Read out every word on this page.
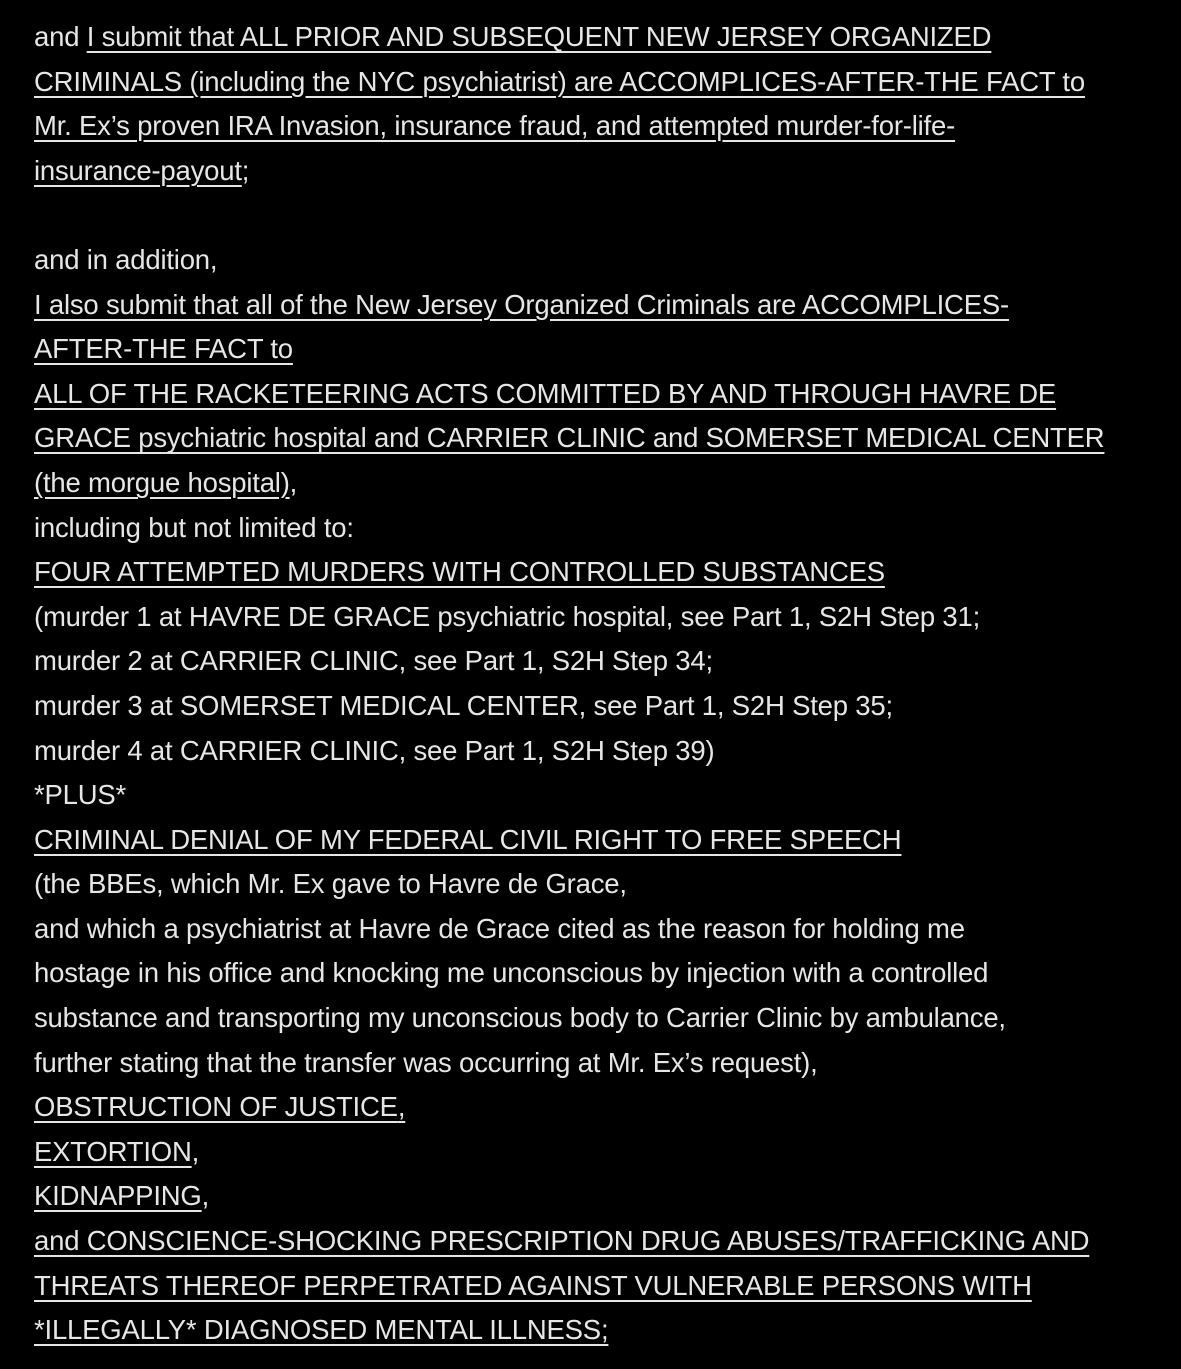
and I submit that ALL PRIOR AND SUBSEQUENT NEW JERSEY ORGANIZED
CRIMINALS (including the NYC psychiatrist) are ACCOMPLICES-AFTER-THE FACT to
Mr. Ex’s proven IRA Invasion, insurance fraud, and attempted murder-for-life-
insurance-payout;
and in addition,
I also submit that all of the New Jersey Organized Criminals are ACCOMPLICES-
AFTER-THE FACT to
ALL OF THE RACKETEERING ACTS COMMITTED BY AND THROUGH HAVRE DE
GRACE psychiatric hospital and CARRIER CLINIC and SOMERSET MEDICAL CENTER
(the morgue hospital),
including but not limited to:
FOUR ATTEMPTED MURDERS WITH CONTROLLED SUBSTANCES
(murder 1 at HAVRE DE GRACE psychiatric hospital, see Part 1, S2H Step 31;
murder 2 at CARRIER CLINIC, see Part 1, S2H Step 34;
murder 3 at SOMERSET MEDICAL CENTER, see Part 1, S2H Step 35;
murder 4 at CARRIER CLINIC, see Part 1, S2H Step 39)
*PLUS*
CRIMINAL DENIAL OF MY FEDERAL CIVIL RIGHT TO FREE SPEECH
(the BBEs, which Mr. Ex gave to Havre de Grace,
and which a psychiatrist at Havre de Grace cited as the reason for holding me
hostage in his office and knocking me unconscious by injection with a controlled
substance and transporting my unconscious body to Carrier Clinic by ambulance,
further stating that the transfer was occurring at Mr. Ex’s request),
OBSTRUCTION OF JUSTICE,
EXTORTION,
KIDNAPPING,
and CONSCIENCE-SHOCKING PRESCRIPTION DRUG ABUSES/TRAFFICKING AND
THREATS THEREOF PERPETRATED AGAINST VULNERABLE PERSONS WITH
*ILLEGALLY* DIAGNOSED MENTAL ILLNESS;
